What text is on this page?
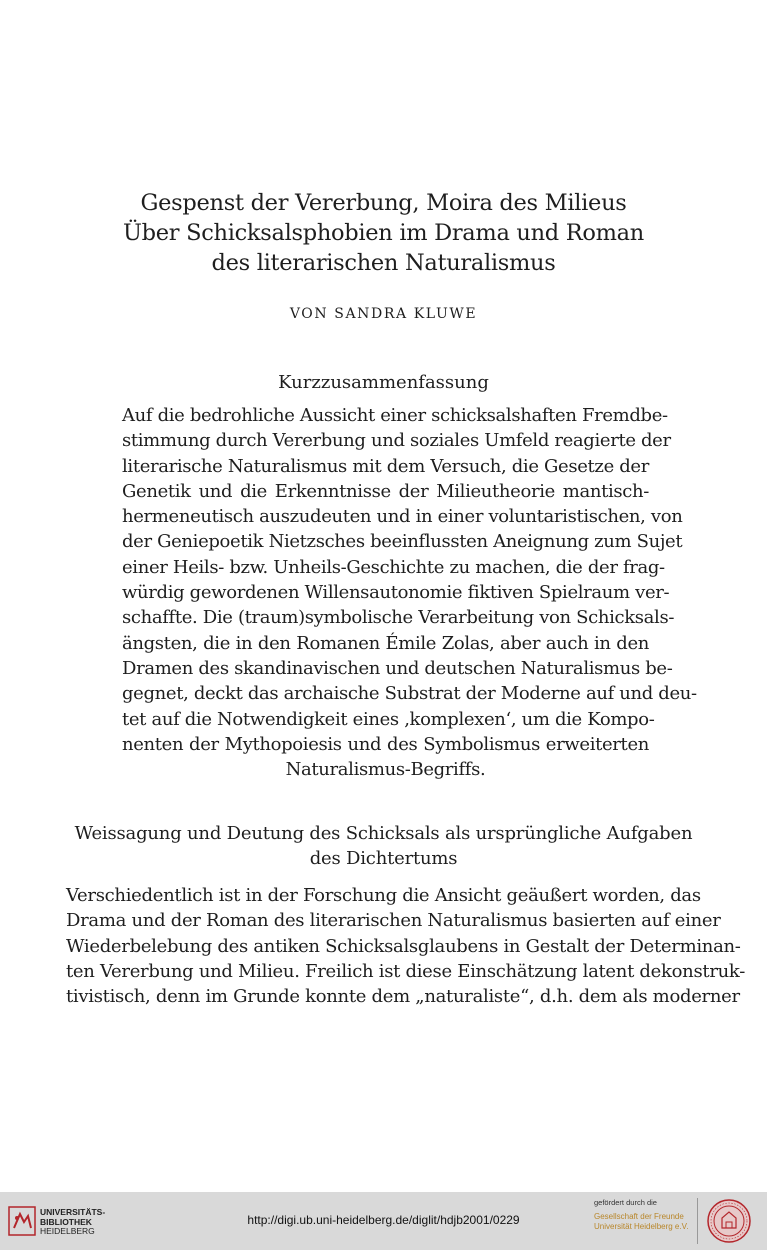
Gespenst der Vererbung, Moira des Milieus
Über Schicksalsphobien im Drama und Roman
des literarischen Naturalismus
VON SANDRA KLUWE
Kurzzusammenfassung
Auf die bedrohliche Aussicht einer schicksalshaften Fremdbe-
stimmung durch Vererbung und soziales Umfeld reagierte der
literarische Naturalismus mit dem Versuch, die Gesetze der
Genetik und die Erkenntnisse der Milieutheorie mantisch-
hermeneutisch auszudeuten und in einer voluntaristischen, von
der Geniepoetik Nietzsches beeinflussten Aneignung zum Sujet
einer Heils- bzw. Unheils-Geschichte zu machen, die der frag-
würdig gewordenen Willensautonomie fiktiven Spielraum ver-
schaffte. Die (traum)symbolische Verarbeitung von Schicksals-
ängsten, die in den Romanen Émile Zolas, aber auch in den
Dramen des skandinavischen und deutschen Naturalismus be-
gegnet, deckt das archaische Substrat der Moderne auf und deu-
tet auf die Notwendigkeit eines ‚komplexen‘, um die Kompo-
nenten der Mythopoiesis und des Symbolismus erweiterten
Naturalismus-Begriffs.
Weissagung und Deutung des Schicksals als ursprüngliche Aufgaben
des Dichtertums
Verschiedentlich ist in der Forschung die Ansicht geäußert worden, das
Drama und der Roman des literarischen Naturalismus basierten auf einer
Wiederbelebung des antiken Schicksalsglaubens in Gestalt der Determinan-
ten Vererbung und Milieu. Freilich ist diese Einschätzung latent dekonstruk-
tivistisch, denn im Grunde konnte dem „naturaliste“, d.h. dem als moderner
UNIVERSITÄTS-
BIBLIOTHEK
HEIDELBERG
http://digi.ub.uni-heidelberg.de/diglit/hdjb2001/0229
gefördert durch die
Gesellschaft der Freunde
Universität Heidelberg e.V.
